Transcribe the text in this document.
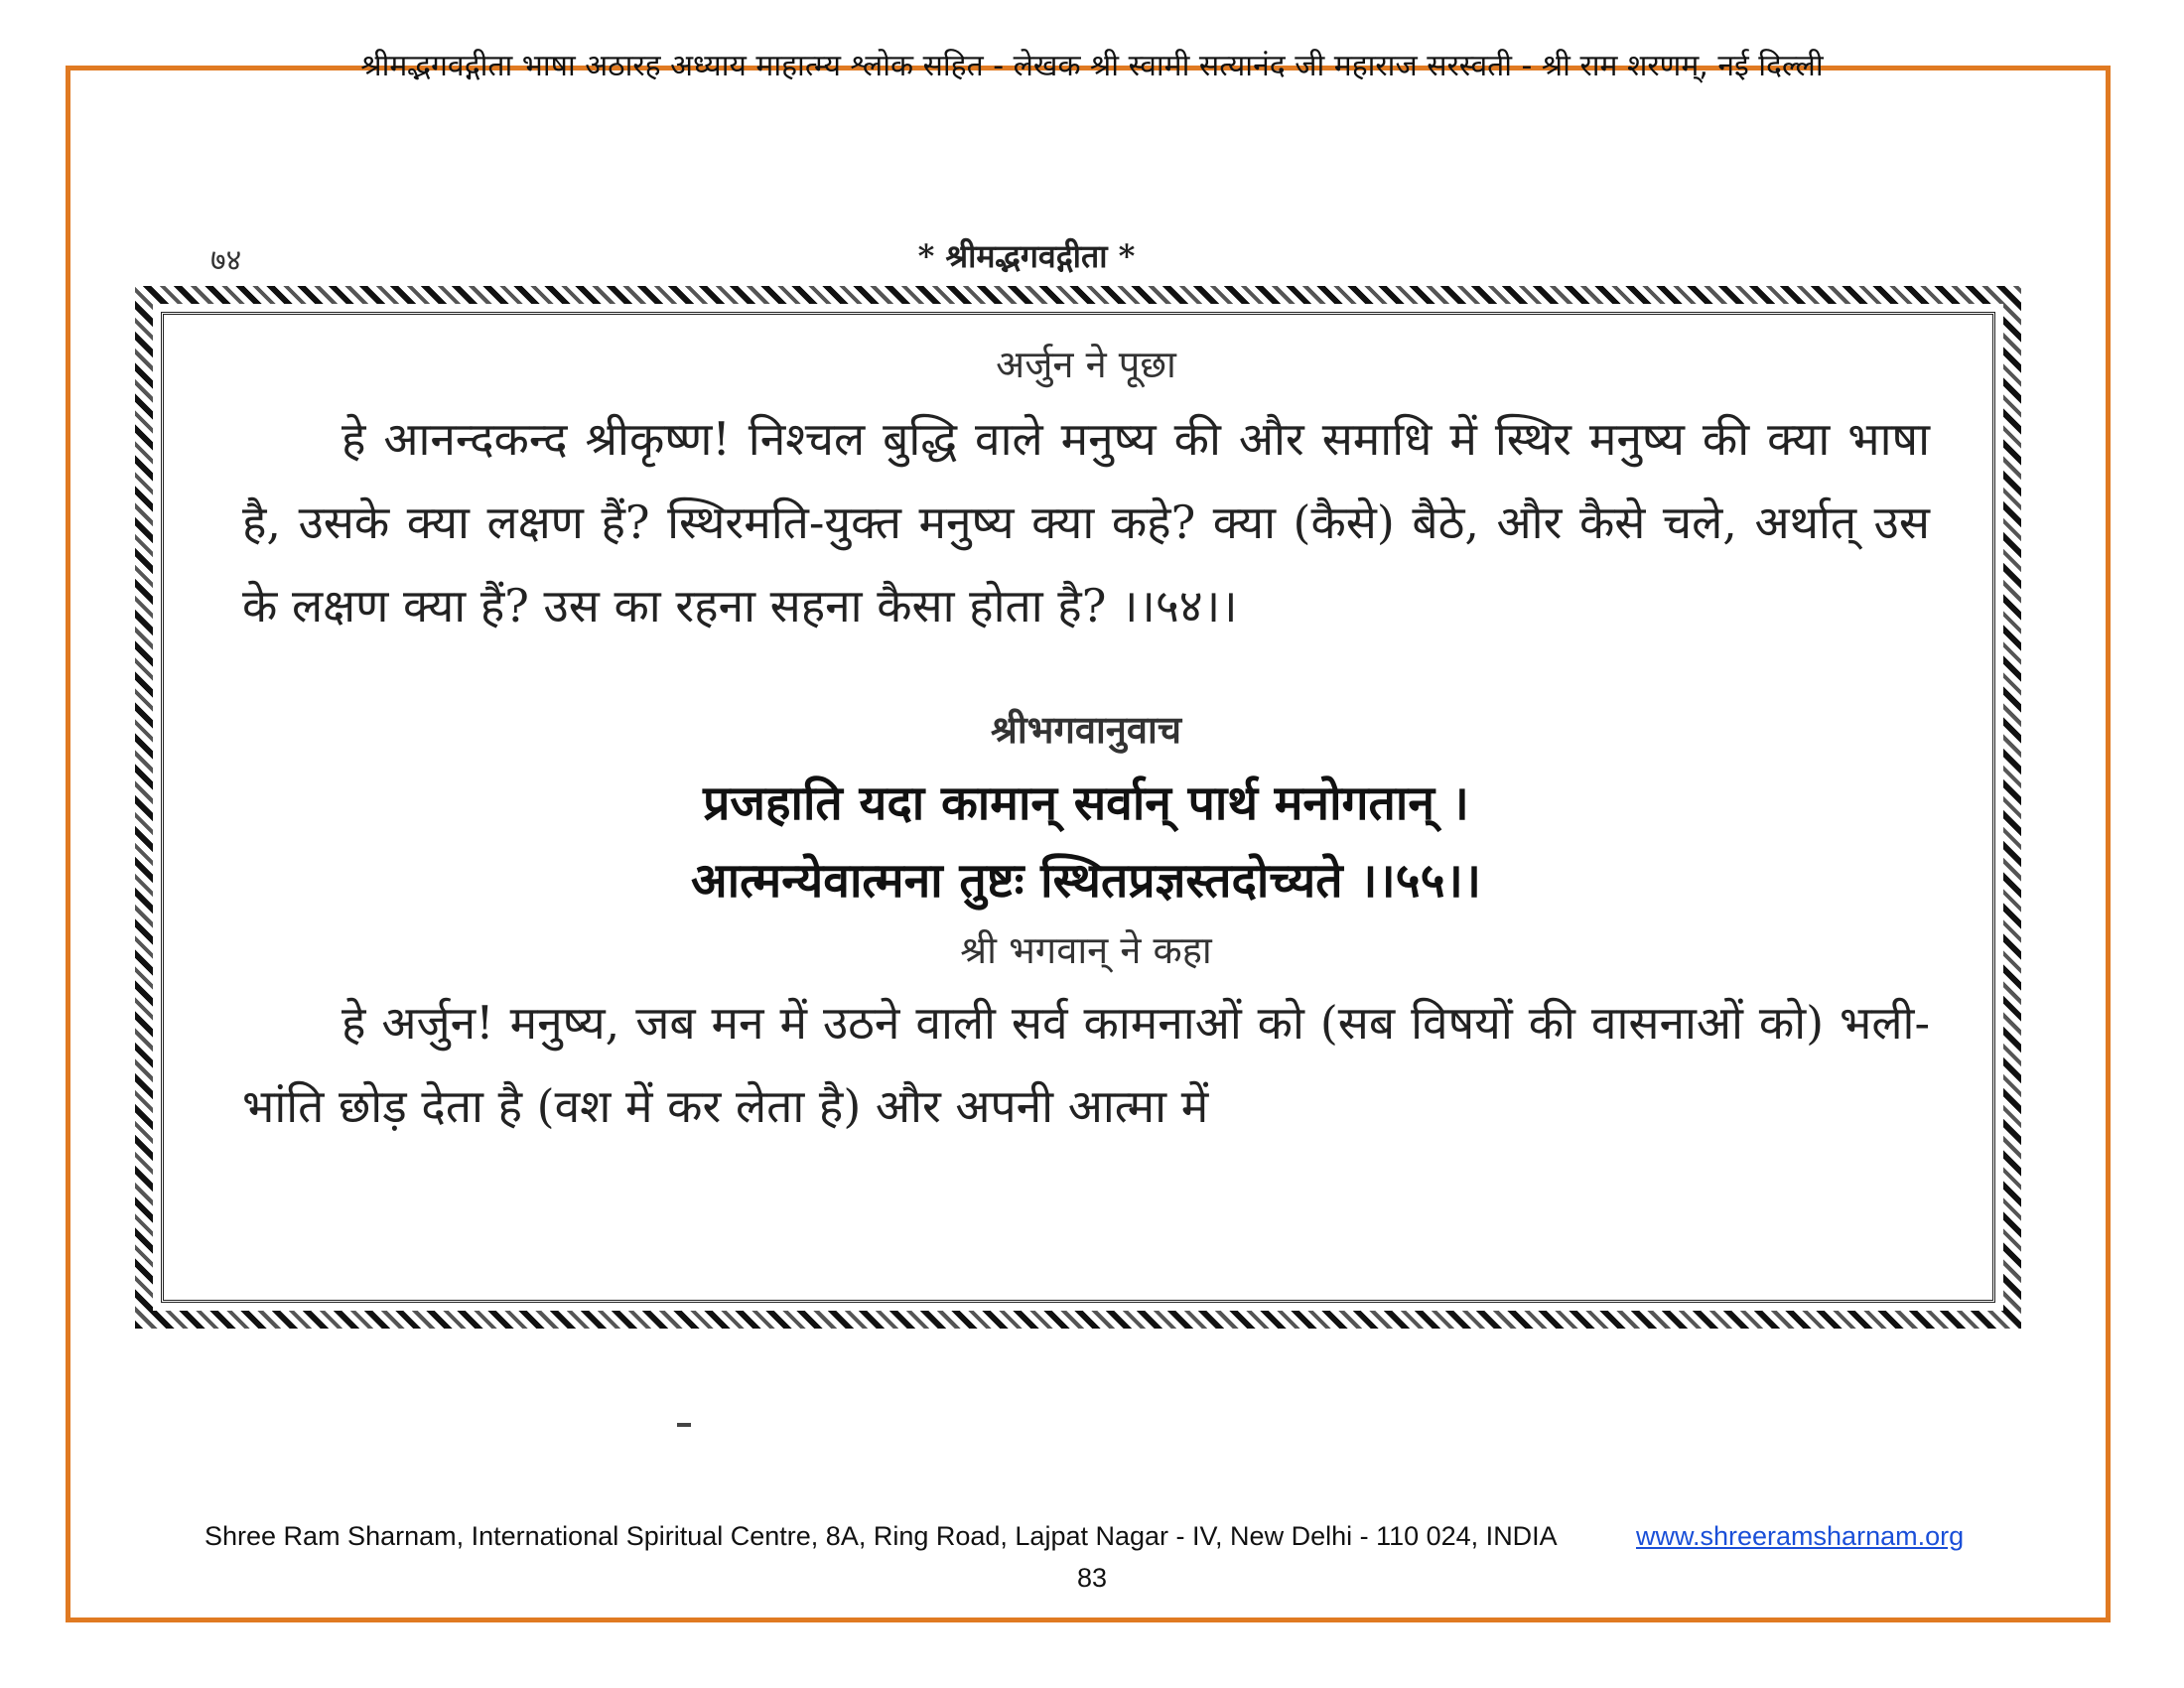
श्रीमद्भगवद्गीता भाषा अठारह अध्याय माहात्म्य श्लोक सहित - लेखक श्री स्वामी सत्यानंद जी महाराज सरस्वती - श्री राम शरणम्, नई दिल्ली
७४	* श्रीमद्भगवद्गीता *

अर्जुन ने पूछा

हे आनन्दकन्द श्रीकृष्ण! निश्चल बुद्धि वाले मनुष्य की और समाधि में स्थिर मनुष्य की क्या भाषा है, उसके क्या लक्षण हैं? स्थिरमति-युक्त मनुष्य क्या कहे? क्या (कैसे) बैठे, और कैसे चले, अर्थात् उस के लक्षण क्या हैं? उस का रहना सहना कैसा होता है? ।।५४।।

श्रीभगवानुवाच

प्रजहाति यदा कामान् सर्वान् पार्थ मनोगतान् ।

आत्मन्येवात्मना तुष्टः स्थितप्रज्ञस्तदोच्यते ।।५५।।

श्री भगवान् ने कहा

हे अर्जुन! मनुष्य, जब मन में उठने वाली सर्व कामनाओं को (सब विषयों की वासनाओं को) भली-भांति छोड़ देता है (वश में कर लेता है) और अपनी आत्मा में

Shree Ram Sharnam, International Spiritual Centre, 8A, Ring Road, Lajpat Nagar - IV, New Delhi - 110 024, INDIA	www.shreeramsharnam.org
83
